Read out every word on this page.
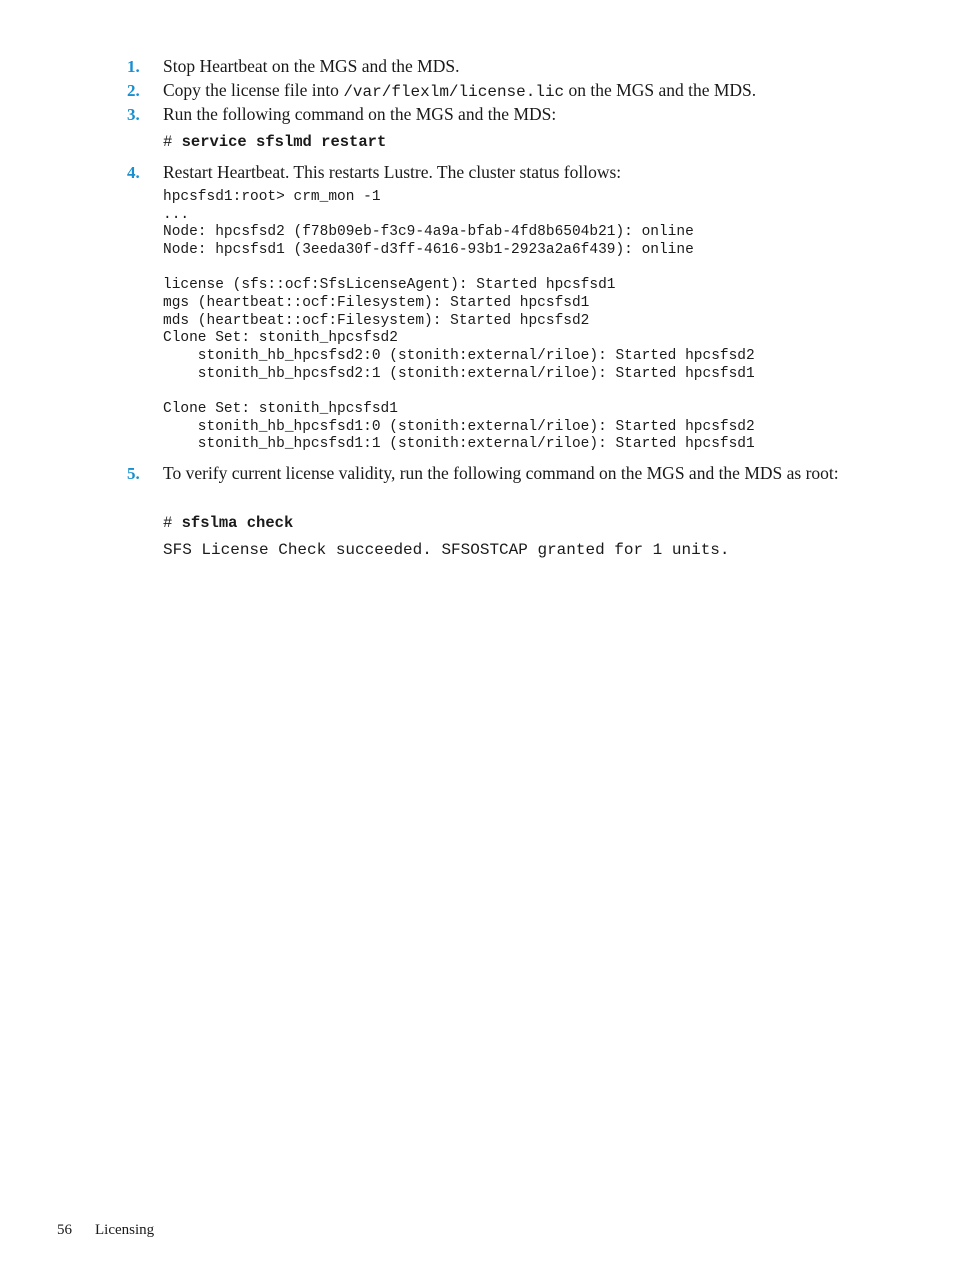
1.	Stop Heartbeat on the MGS and the MDS.
2.	Copy the license file into /var/flexlm/license.lic on the MGS and the MDS.
3.	Run the following command on the MGS and the MDS:
# service sfslmd restart
4.	Restart Heartbeat. This restarts Lustre. The cluster status follows:
hpcsfsd1:root> crm_mon -1
...
Node: hpcsfsd2 (f78b09eb-f3c9-4a9a-bfab-4fd8b6504b21): online
Node: hpcsfsd1 (3eeda30f-d3ff-4616-93b1-2923a2a6f439): online

license (sfs::ocf:SfsLicenseAgent): Started hpcsfsd1
mgs (heartbeat::ocf:Filesystem): Started hpcsfsd1
mds (heartbeat::ocf:Filesystem): Started hpcsfsd2
Clone Set: stonith_hpcsfsd2
stonith_hb_hpcsfsd2:0 (stonith:external/riloe): Started hpcsfsd2
stonith_hb_hpcsfsd2:1 (stonith:external/riloe): Started hpcsfsd1

Clone Set: stonith_hpcsfsd1
stonith_hb_hpcsfsd1:0 (stonith:external/riloe): Started hpcsfsd2
stonith_hb_hpcsfsd1:1 (stonith:external/riloe): Started hpcsfsd1
5.	To verify current license validity, run the following command on the MGS and the MDS as root:
# sfslma check
SFS License Check succeeded. SFSOSTCAP granted for 1 units.
56 Licensing
